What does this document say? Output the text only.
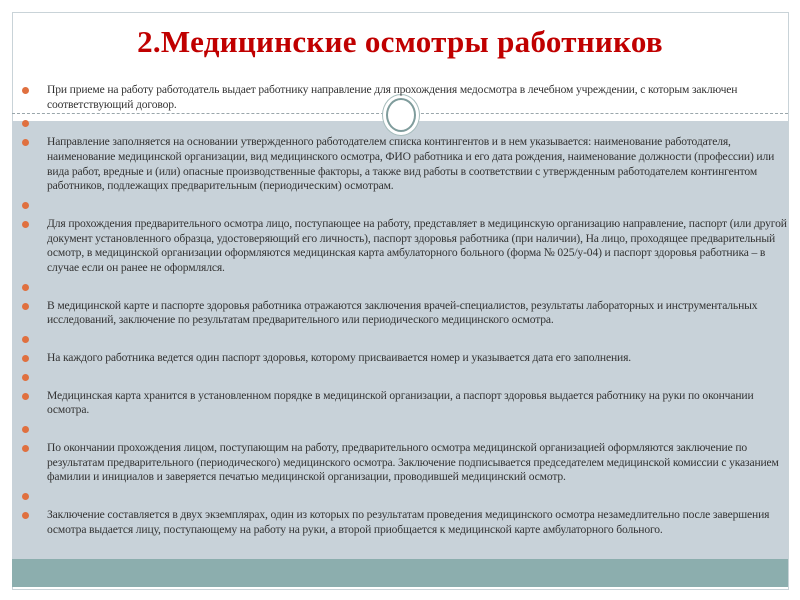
2.Медицинские осмотры работников
При приеме на работу работодатель выдает работнику направление для прохождения медосмотра в лечебном учреждении, с которым заключен соответствующий договор.
Направление заполняется на основании утвержденного работодателем списка контингентов и в нем указывается: наименование работодателя, наименование медицинской организации, вид медицинского осмотра, ФИО работника и его дата рождения, наименование должности (профессии) или вида работ, вредные и (или) опасные производственные факторы, а также вид работы в соответствии с утвержденным работодателем контингентом работников, подлежащих предварительным (периодическим) осмотрам.
Для прохождения предварительного осмотра лицо, поступающее на работу, представляет в медицинскую организацию направление, паспорт (или другой документ установленного образца, удостоверяющий его личность), паспорт здоровья работника (при наличии), На лицо, проходящее предварительный осмотр, в медицинской организации оформляются медицинская карта амбулаторного больного (форма № 025/у-04) и паспорт здоровья работника – в случае если он ранее не оформлялся.
В медицинской карте и паспорте здоровья работника отражаются заключения врачей-специалистов, результаты лабораторных и инструментальных исследований, заключение по результатам предварительного или периодического медицинского осмотра.
На каждого работника ведется один паспорт здоровья, которому присваивается номер и указывается дата его заполнения.
Медицинская карта хранится в установленном порядке в медицинской организации, а паспорт здоровья выдается работнику на руки по окончании осмотра.
По окончании прохождения лицом, поступающим на работу, предварительного осмотра медицинской организацией оформляются заключение по результатам предварительного (периодического) медицинского осмотра. Заключение подписывается председателем медицинской комиссии с указанием фамилии и инициалов и заверяется печатью медицинской организации, проводившей медицинский осмотр.
Заключение составляется в двух экземплярах, один из которых по результатам проведения медицинского осмотра незамедлительно после завершения осмотра выдается лицу, поступающему на работу на руки, а второй приобщается к медицинской карте амбулаторного больного.
